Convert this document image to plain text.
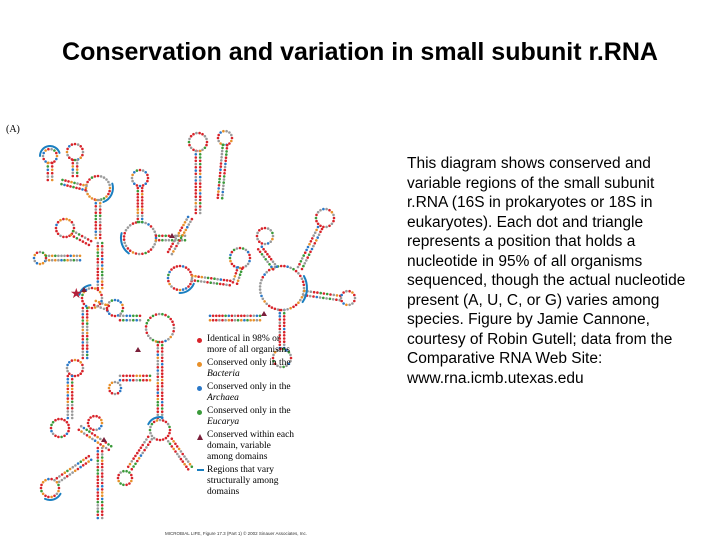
Conservation and variation in small subunit r.RNA
(A)
★
Identical in 98% or more of all organisms
Conserved only in the Bacteria
Conserved only in the Archaea
Conserved only in the Eucarya
Conserved within each domain, variable among domains
Regions that vary structurally among domains
MICROBIAL LIFE, Figure 17.3 (Part 1) © 2002 Sinauer Associates, Inc.
This diagram shows conserved and variable regions of the small subunit r.RNA (16S in prokaryotes or 18S in eukaryotes). Each dot and triangle represents a position that holds a nucleotide in 95% of all organisms sequenced, though the actual nucleotide present (A, U, C, or G) varies among species. Figure by Jamie Cannone, courtesy of Robin Gutell; data from the Comparative RNA Web Site: www.rna.icmb.utexas.edu
